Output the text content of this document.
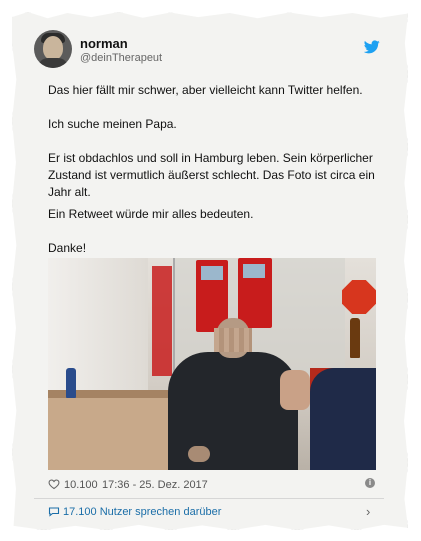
norman
@deinTherapeut
Das hier fällt mir schwer, aber vielleicht kann Twitter helfen.
Ich suche meinen Papa.
Er ist obdachlos und soll in Hamburg leben. Sein körperlicher Zustand ist vermutlich äußerst schlecht. Das Foto ist circa ein Jahr alt.
Ein Retweet würde mir alles bedeuten.
Danke!
10.100 17:36 - 25. Dez. 2017	i
17.100 Nutzer sprechen darüber	›
